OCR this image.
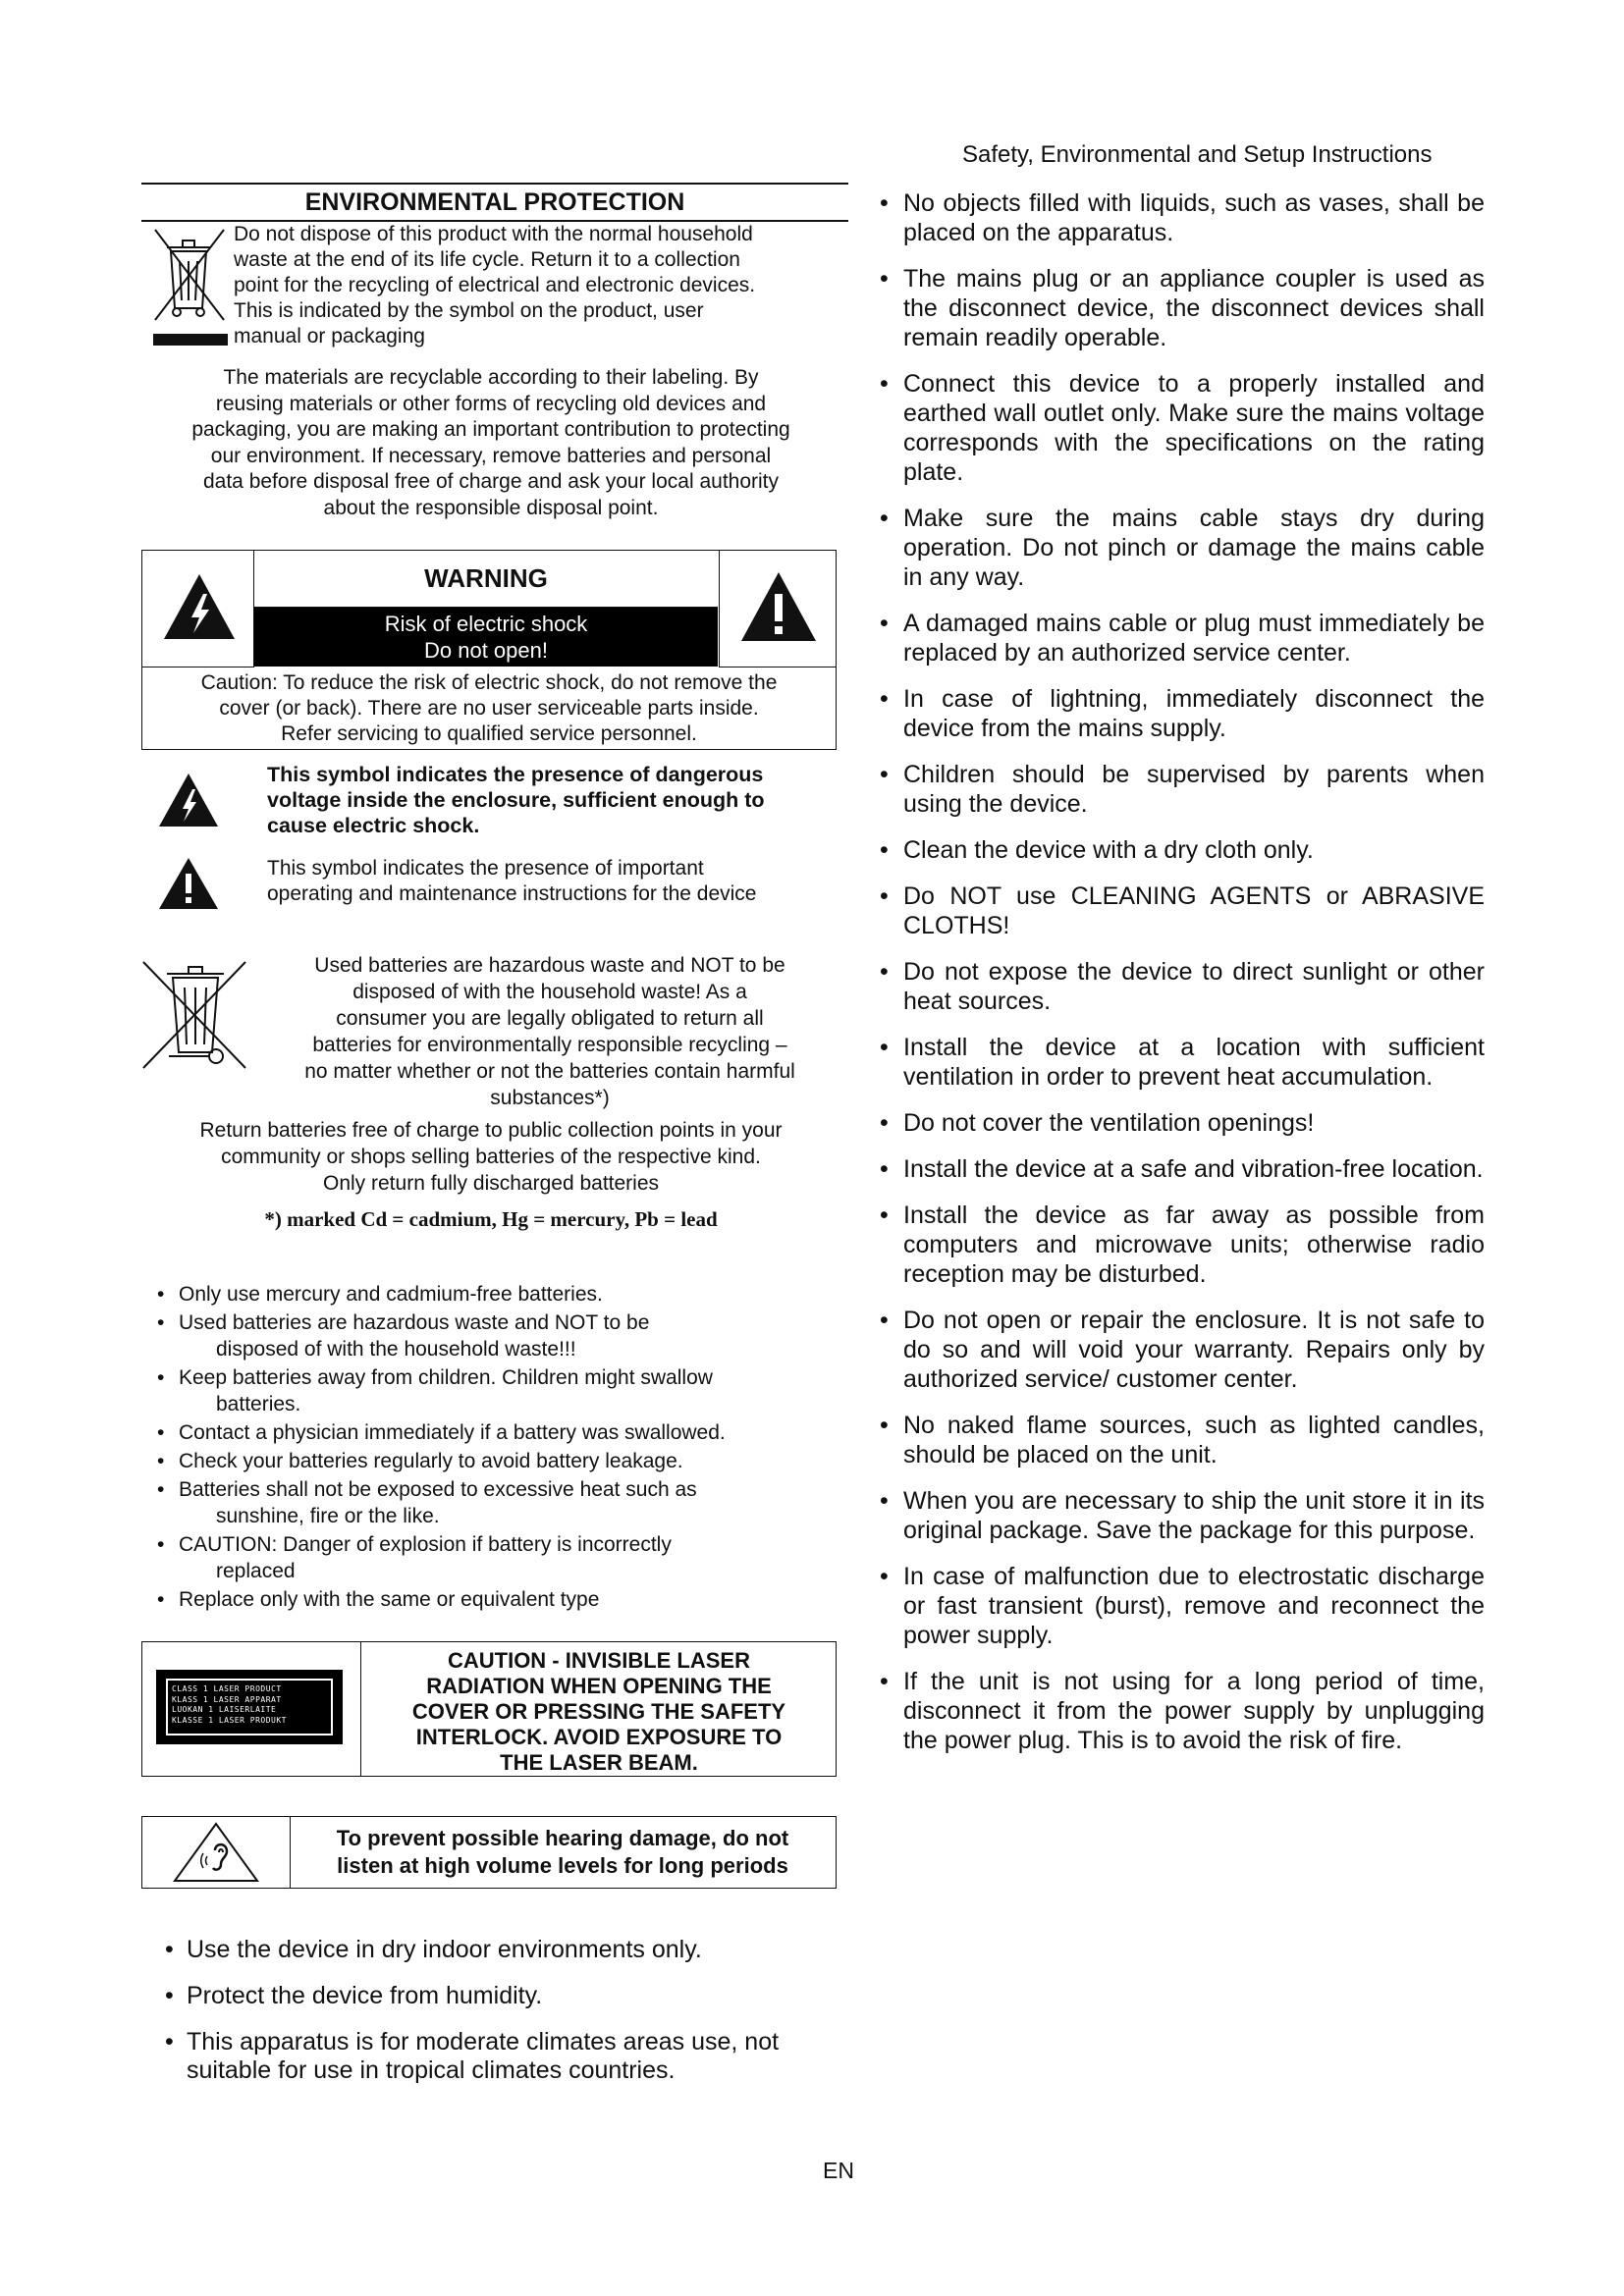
Safety, Environmental and Setup Instructions
ENVIRONMENTAL PROTECTION

Do not dispose of this product with the normal household

waste at the end of its life cycle. Return it to a collection

point for the recycling of electrical and electronic devices.

This is indicated by the symbol on the product, user

manual or packaging

The materials are recyclable according to their labeling. By

reusing materials or other forms of recycling old devices and

packaging, you are making an important contribution to protecting

our environment. If necessary, remove batteries and personal

data before disposal free of charge and ask your local authority

about the responsible disposal point.

WARNING
Risk of electric shock
Do not open!

Caution: To reduce the risk of electric shock, do not remove the

cover (or back). There are no user serviceable parts inside.

Refer servicing to qualified service personnel.

This symbol indicates the presence of dangerous
voltage inside the enclosure, sufficient enough to
cause electric shock.
This symbol indicates the presence of important
operating and maintenance instructions for the device

Used batteries are hazardous waste and NOT to be

disposed of with the household waste! As a

consumer you are legally obligated to return all

batteries for environmentally responsible recycling –

no matter whether or not the batteries contain harmful

substances*)

Return batteries free of charge to public collection points in your

community or shops selling batteries of the respective kind.

Only return fully discharged batteries

*) marked Cd = cadmium, Hg = mercury, Pb = lead
• Only use mercury and cadmium-free batteries.
• Used batteries are hazardous waste and NOT to be
disposed of with the household waste!!!
• Keep batteries away from children. Children might swallow
batteries.
• Contact a physician immediately if a battery was swallowed.
• Check your batteries regularly to avoid battery leakage.
• Batteries shall not be exposed to excessive heat such as
sunshine, fire or the like.
• CAUTION: Danger of explosion if battery is incorrectly
replaced
• Replace only with the same or equivalent type
CLASS 1 LASER PRODUCT
KLASS 1 LASER APPARAT
LUOKAN 1 LAISERLAITE
KLASSE 1 LASER PRODUKT
CAUTION - INVISIBLE LASER
RADIATION WHEN OPENING THE
COVER OR PRESSING THE SAFETY
INTERLOCK. AVOID EXPOSURE TO
THE LASER BEAM.
To prevent possible hearing damage, do not
listen at high volume levels for long periods
• Use the device in dry indoor environments only.
• Protect the device from humidity.
• This apparatus is for moderate climates areas use, not suitable for use in tropical climates countries.
• No objects filled with liquids, such as vases, shall be placed on the apparatus.
• The mains plug or an appliance coupler is used as the disconnect device, the disconnect devices shall remain readily operable.
• Connect this device to a properly installed and earthed wall outlet only. Make sure the mains voltage corresponds with the specifications on the rating plate.
• Make sure the mains cable stays dry during operation. Do not pinch or damage the mains cable in any way.
• A damaged mains cable or plug must immediately be replaced by an authorized service center.
• In case of lightning, immediately disconnect the device from the mains supply.
• Children should be supervised by parents when using the device.
• Clean the device with a dry cloth only.
• Do NOT use CLEANING AGENTS or ABRASIVE CLOTHS!
• Do not expose the device to direct sunlight or other heat sources.
• Install the device at a location with sufficient ventilation in order to prevent heat accumulation.
• Do not cover the ventilation openings!
• Install the device at a safe and vibration-free location.
• Install the device as far away as possible from computers and microwave units; otherwise radio reception may be disturbed.
• Do not open or repair the enclosure. It is not safe to do so and will void your warranty. Repairs only by authorized service/ customer center.
• No naked flame sources, such as lighted candles, should be placed on the unit.
• When you are necessary to ship the unit store it in its original package. Save the package for this purpose.
• In case of malfunction due to electrostatic discharge or fast transient (burst), remove and reconnect the power supply.
• If the unit is not using for a long period of time, disconnect it from the power supply by unplugging the power plug. This is to avoid the risk of fire.
EN
